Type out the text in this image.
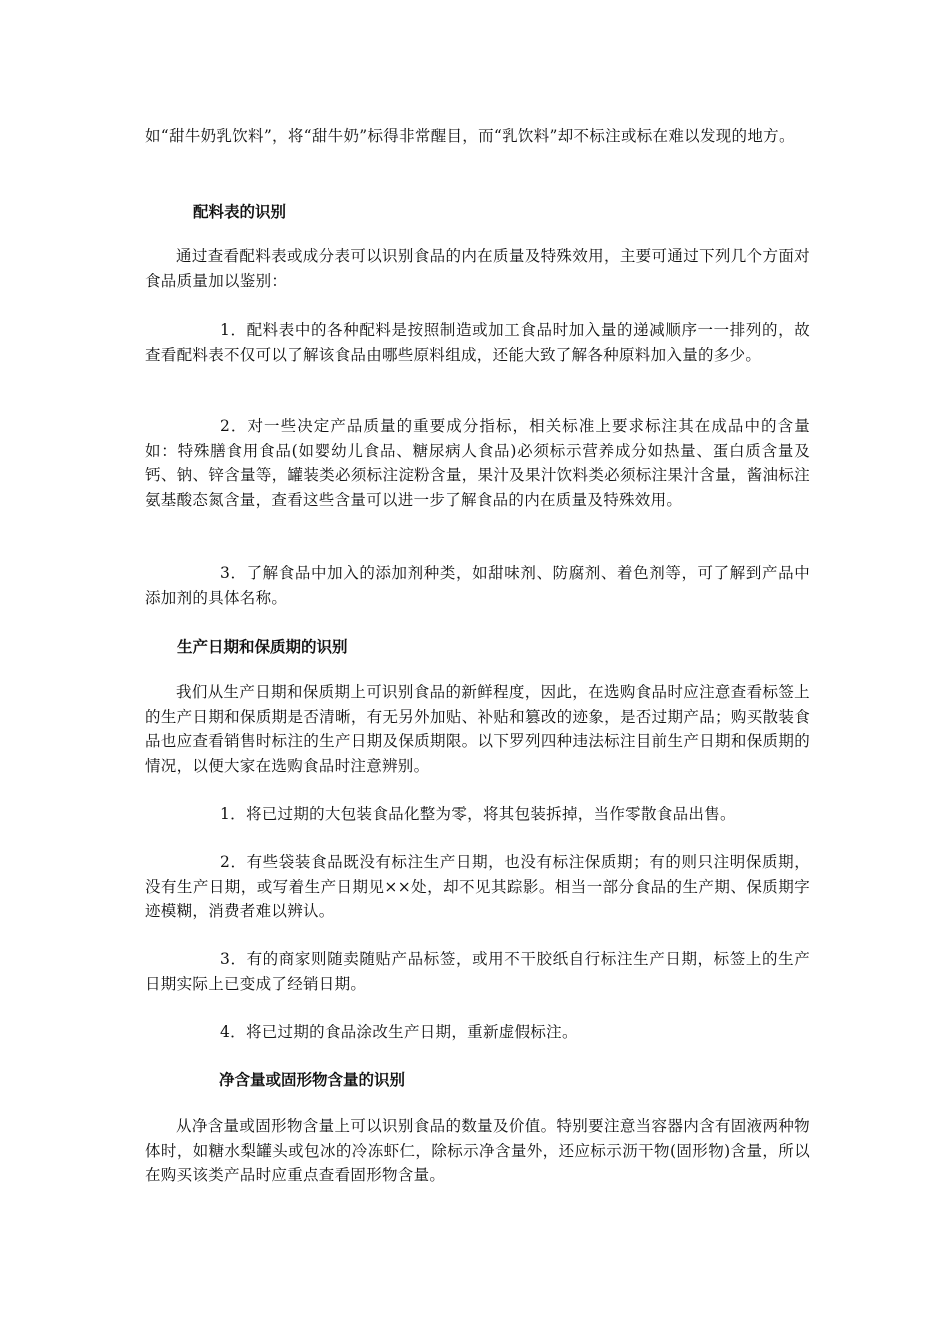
如“甜牛奶乳饮料”，将“甜牛奶”标得非常醒目，而“乳饮料”却不标注或标在难以发现的地方。

配料表的识别

通过查看配料表或成分表可以识别食品的内在质量及特殊效用，主要可通过下列几个方面对食品质量加以鉴别：

1．配料表中的各种配料是按照制造或加工食品时加入量的递减顺序一一排列的，故查看配料表不仅可以了解该食品由哪些原料组成，还能大致了解各种原料加入量的多少。

2．对一些决定产品质量的重要成分指标，相关标准上要求标注其在成品中的含量如：特殊膳食用食品(如婴幼儿食品、糖尿病人食品)必须标示营养成分如热量、蛋白质含量及钙、钠、锌含量等，罐装类必须标注淀粉含量，果汁及果汁饮料类必须标注果汁含量，酱油标注氨基酸态氮含量，查看这些含量可以进一步了解食品的内在质量及特殊效用。

3．了解食品中加入的添加剂种类，如甜味剂、防腐剂、着色剂等，可了解到产品中添加剂的具体名称。

生产日期和保质期的识别

我们从生产日期和保质期上可识别食品的新鲜程度，因此，在选购食品时应注意查看标签上的生产日期和保质期是否清晰，有无另外加贴、补贴和篡改的迹象，是否过期产品；购买散装食品也应查看销售时标注的生产日期及保质期限。以下罗列四种违法标注目前生产日期和保质期的情况，以便大家在选购食品时注意辨别。

1．将已过期的大包装食品化整为零，将其包装拆掉，当作零散食品出售。

2．有些袋装食品既没有标注生产日期，也没有标注保质期；有的则只注明保质期，没有生产日期，或写着生产日期见××处，却不见其踪影。相当一部分食品的生产期、保质期字迹模糊，消费者难以辨认。

3．有的商家则随卖随贴产品标签，或用不干胶纸自行标注生产日期，标签上的生产日期实际上已变成了经销日期。

4．将已过期的食品涂改生产日期，重新虚假标注。

净含量或固形物含量的识别

从净含量或固形物含量上可以识别食品的数量及价值。特别要注意当容器内含有固液两种物体时，如糖水梨罐头或包冰的冷冻虾仁，除标示净含量外，还应标示沥干物(固形物)含量，所以在购买该类产品时应重点查看固形物含量。
